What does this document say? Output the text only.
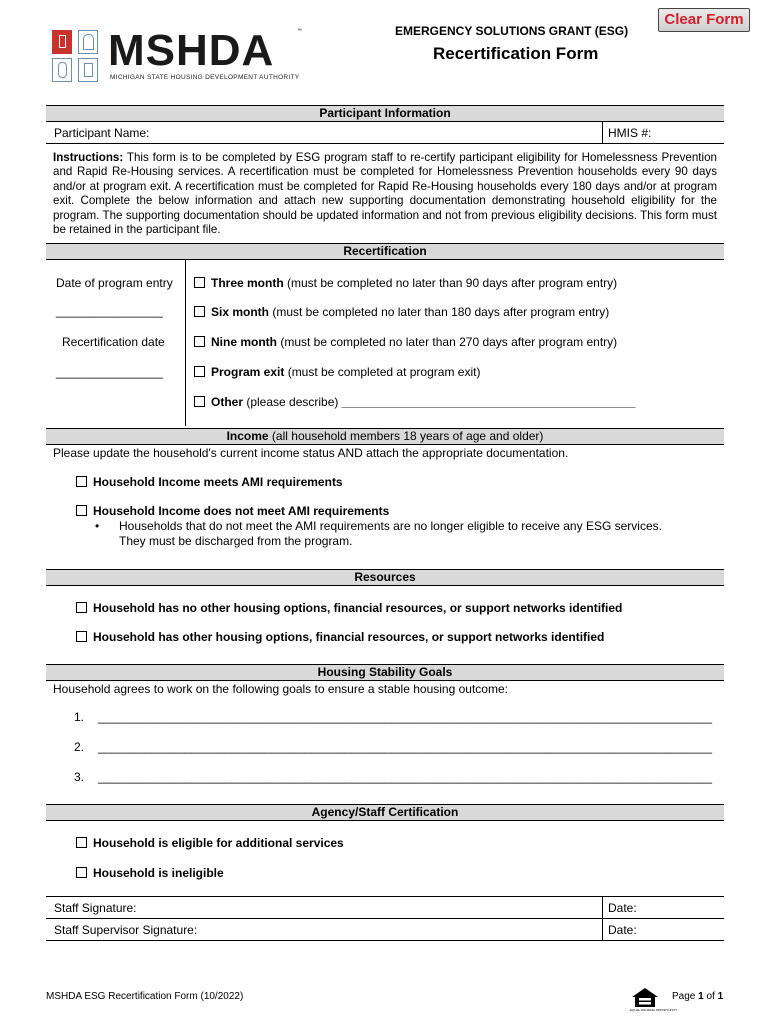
MSHDA	™
MICHIGAN STATE HOUSING DEVELOPMENT AUTHORITY
EMERGENCY SOLUTIONS GRANT (ESG)
Recertification Form
Clear Form
Participant Information
Participant Name:	HMIS #:
Instructions: This form is to be completed by ESG program staff to re-certify participant eligibility for Homelessness Prevention and Rapid Re-Housing services. A recertification must be completed for Homelessness Prevention households every 90 days and/or at program exit. A recertification must be completed for Rapid Re-Housing households every 180 days and/or at program exit. Complete the below information and attach new supporting documentation demonstrating household eligibility for the program. The supporting documentation should be updated information and not from previous eligibility decisions. This form must be retained in the participant file.
Recertification
Date of program entry
________________
Recertification date
________________
Three month (must be completed no later than 90 days after program entry)
Six month (must be completed no later than 180 days after program entry)
Nine month (must be completed no later than 270 days after program entry)
Program exit (must be completed at program exit)
Other (please describe) ____________________________________________
Income (all household members 18 years of age and older)
Please update the household's current income status AND attach the appropriate documentation.
Household Income meets AMI requirements
Household Income does not meet AMI requirements
• Households that do not meet the AMI requirements are no longer eligible to receive any ESG services.
They must be discharged from the program.
Resources
Household has no other housing options, financial resources, or support networks identified
Household has other housing options, financial resources, or support networks identified
Housing Stability Goals
Household agrees to work on the following goals to ensure a stable housing outcome:
1. ____________________________________________________________________________________________
2. ____________________________________________________________________________________________
3. ____________________________________________________________________________________________
Agency/Staff Certification
Household is eligible for additional services
Household is ineligible
Staff Signature:	Date:
Staff Supervisor Signature:	Date:
MSHDA ESG Recertification Form (10/2022)
EQUAL HOUSING OPPORTUNITY
Page 1 of 1
